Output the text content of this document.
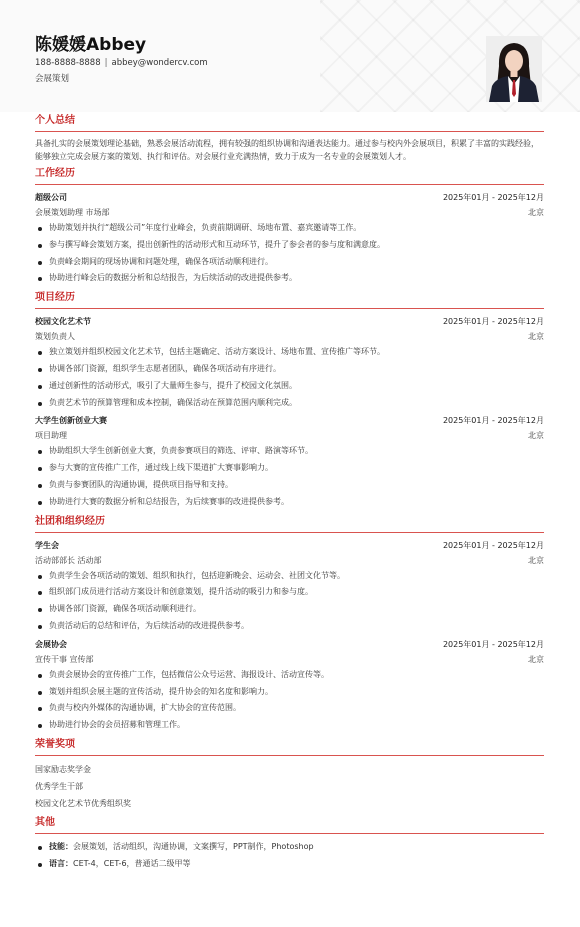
陈媛媛Abbey
188-8888-8888 | abbey@wondercv.com
会展策划
个人总结
具备扎实的会展策划理论基础，熟悉会展活动流程，拥有较强的组织协调和沟通表达能力。通过参与校内外会展项目，积累了丰富的实践经验，能够独立完成会展方案的策划、执行和评估。对会展行业充满热情，致力于成为一名专业的会展策划人才。
工作经历
超级公司	2025年01月 - 2025年12月
会展策划助理 市场部	北京
协助策划并执行“超级公司”年度行业峰会，负责前期调研、场地布置、嘉宾邀请等工作。
参与撰写峰会策划方案，提出创新性的活动形式和互动环节，提升了参会者的参与度和满意度。
负责峰会期间的现场协调和问题处理，确保各项活动顺利进行。
协助进行峰会后的数据分析和总结报告，为后续活动的改进提供参考。
项目经历
校园文化艺术节	2025年01月 - 2025年12月
策划负责人	北京
独立策划并组织校园文化艺术节，包括主题确定、活动方案设计、场地布置、宣传推广等环节。
协调各部门资源，组织学生志愿者团队，确保各项活动有序进行。
通过创新性的活动形式，吸引了大量师生参与，提升了校园文化氛围。
负责艺术节的预算管理和成本控制，确保活动在预算范围内顺利完成。
大学生创新创业大赛	2025年01月 - 2025年12月
项目助理	北京
协助组织大学生创新创业大赛，负责参赛项目的筛选、评审、路演等环节。
参与大赛的宣传推广工作，通过线上线下渠道扩大赛事影响力。
负责与参赛团队的沟通协调，提供项目指导和支持。
协助进行大赛的数据分析和总结报告，为后续赛事的改进提供参考。
社团和组织经历
学生会	2025年01月 - 2025年12月
活动部部长 活动部	北京
负责学生会各项活动的策划、组织和执行，包括迎新晚会、运动会、社团文化节等。
组织部门成员进行活动方案设计和创意策划，提升活动的吸引力和参与度。
协调各部门资源，确保各项活动顺利进行。
负责活动后的总结和评估，为后续活动的改进提供参考。
会展协会	2025年01月 - 2025年12月
宣传干事 宣传部	北京
负责会展协会的宣传推广工作，包括微信公众号运营、海报设计、活动宣传等。
策划并组织会展主题的宣传活动，提升协会的知名度和影响力。
负责与校内外媒体的沟通协调，扩大协会的宣传范围。
协助进行协会的会员招募和管理工作。
荣誉奖项
国家励志奖学金
优秀学生干部
校园文化艺术节优秀组织奖
其他
技能：会展策划，活动组织，沟通协调，文案撰写，PPT制作，Photoshop
语言：CET-4，CET-6，普通话二级甲等
